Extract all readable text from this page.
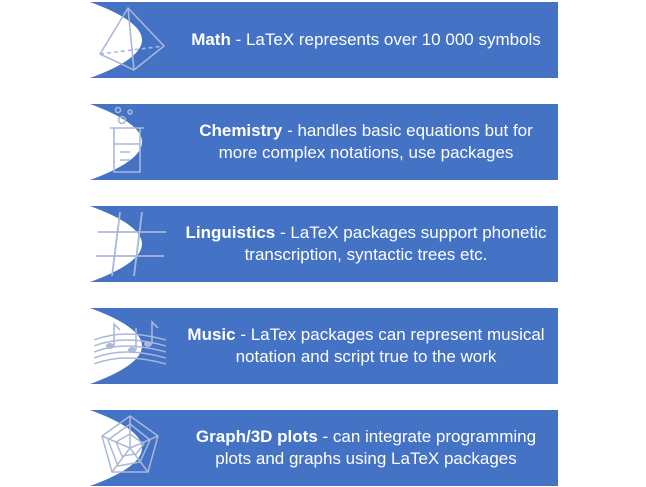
Math - LaTeX represents over 10 000 symbols

Chemistry - handles basic equations but for more complex notations, use packages

Linguistics - LaTeX packages support phonetic transcription, syntactic trees etc.

Music - LaTex packages can represent musical notation and script true to the work

Graph/3D plots - can integrate programming plots and graphs using LaTeX packages
